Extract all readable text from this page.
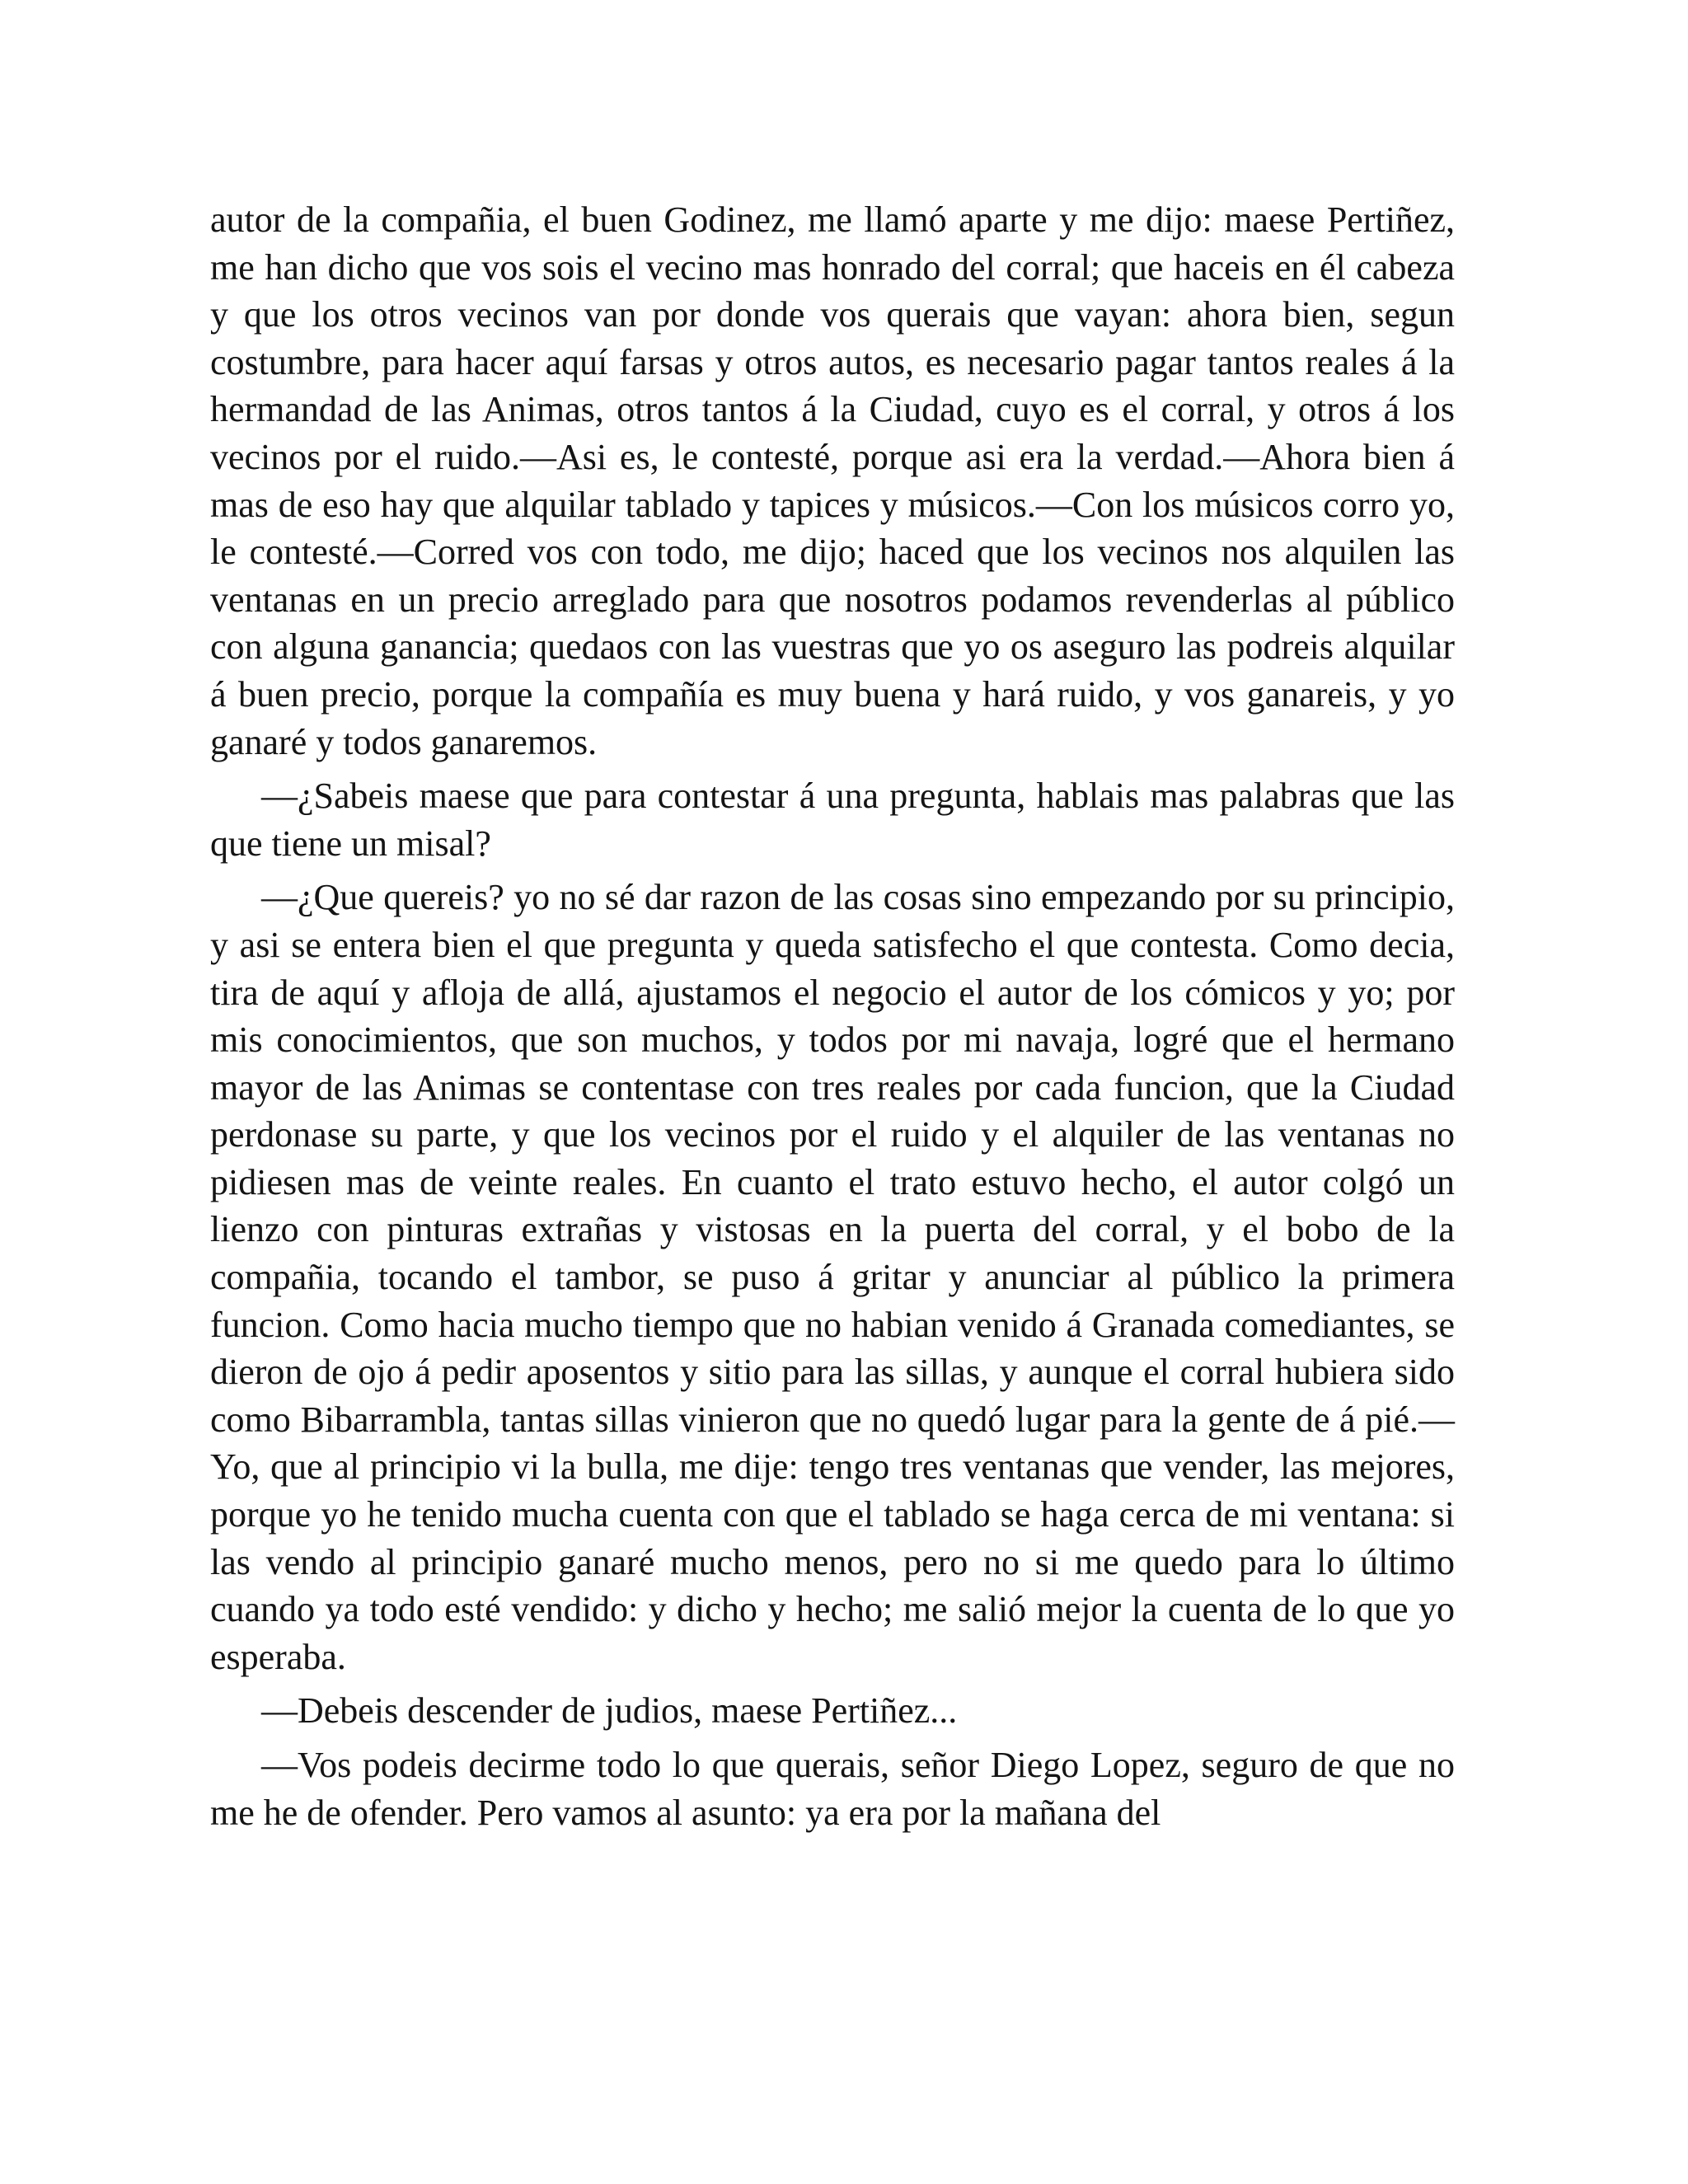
autor de la compañia, el buen Godinez, me llamó aparte y me dijo: maese Pertiñez, me han dicho que vos sois el vecino mas honrado del corral; que haceis en él cabeza y que los otros vecinos van por donde vos querais que vayan: ahora bien, segun costumbre, para hacer aquí farsas y otros autos, es necesario pagar tantos reales á la hermandad de las Animas, otros tantos á la Ciudad, cuyo es el corral, y otros á los vecinos por el ruido.—Asi es, le contesté, porque asi era la verdad.—Ahora bien á mas de eso hay que alquilar tablado y tapices y músicos.—Con los músicos corro yo, le contesté.—Corred vos con todo, me dijo; haced que los vecinos nos alquilen las ventanas en un precio arreglado para que nosotros podamos revenderlas al público con alguna ganancia; quedaos con las vuestras que yo os aseguro las podreis alquilar á buen precio, porque la compañía es muy buena y hará ruido, y vos ganareis, y yo ganaré y todos ganaremos.

—¿Sabeis maese que para contestar á una pregunta, hablais mas palabras que las que tiene un misal?

—¿Que quereis? yo no sé dar razon de las cosas sino empezando por su principio, y asi se entera bien el que pregunta y queda satisfecho el que contesta. Como decia, tira de aquí y afloja de allá, ajustamos el negocio el autor de los cómicos y yo; por mis conocimientos, que son muchos, y todos por mi navaja, logré que el hermano mayor de las Animas se contentase con tres reales por cada funcion, que la Ciudad perdonase su parte, y que los vecinos por el ruido y el alquiler de las ventanas no pidiesen mas de veinte reales. En cuanto el trato estuvo hecho, el autor colgó un lienzo con pinturas extrañas y vistosas en la puerta del corral, y el bobo de la compañia, tocando el tambor, se puso á gritar y anunciar al público la primera funcion. Como hacia mucho tiempo que no habian venido á Granada comediantes, se dieron de ojo á pedir aposentos y sitio para las sillas, y aunque el corral hubiera sido como Bibarrambla, tantas sillas vinieron que no quedó lugar para la gente de á pié.—Yo, que al principio vi la bulla, me dije: tengo tres ventanas que vender, las mejores, porque yo he tenido mucha cuenta con que el tablado se haga cerca de mi ventana: si las vendo al principio ganaré mucho menos, pero no si me quedo para lo último cuando ya todo esté vendido: y dicho y hecho; me salió mejor la cuenta de lo que yo esperaba.

—Debeis descender de judios, maese Pertiñez...

—Vos podeis decirme todo lo que querais, señor Diego Lopez, seguro de que no me he de ofender. Pero vamos al asunto: ya era por la mañana del
